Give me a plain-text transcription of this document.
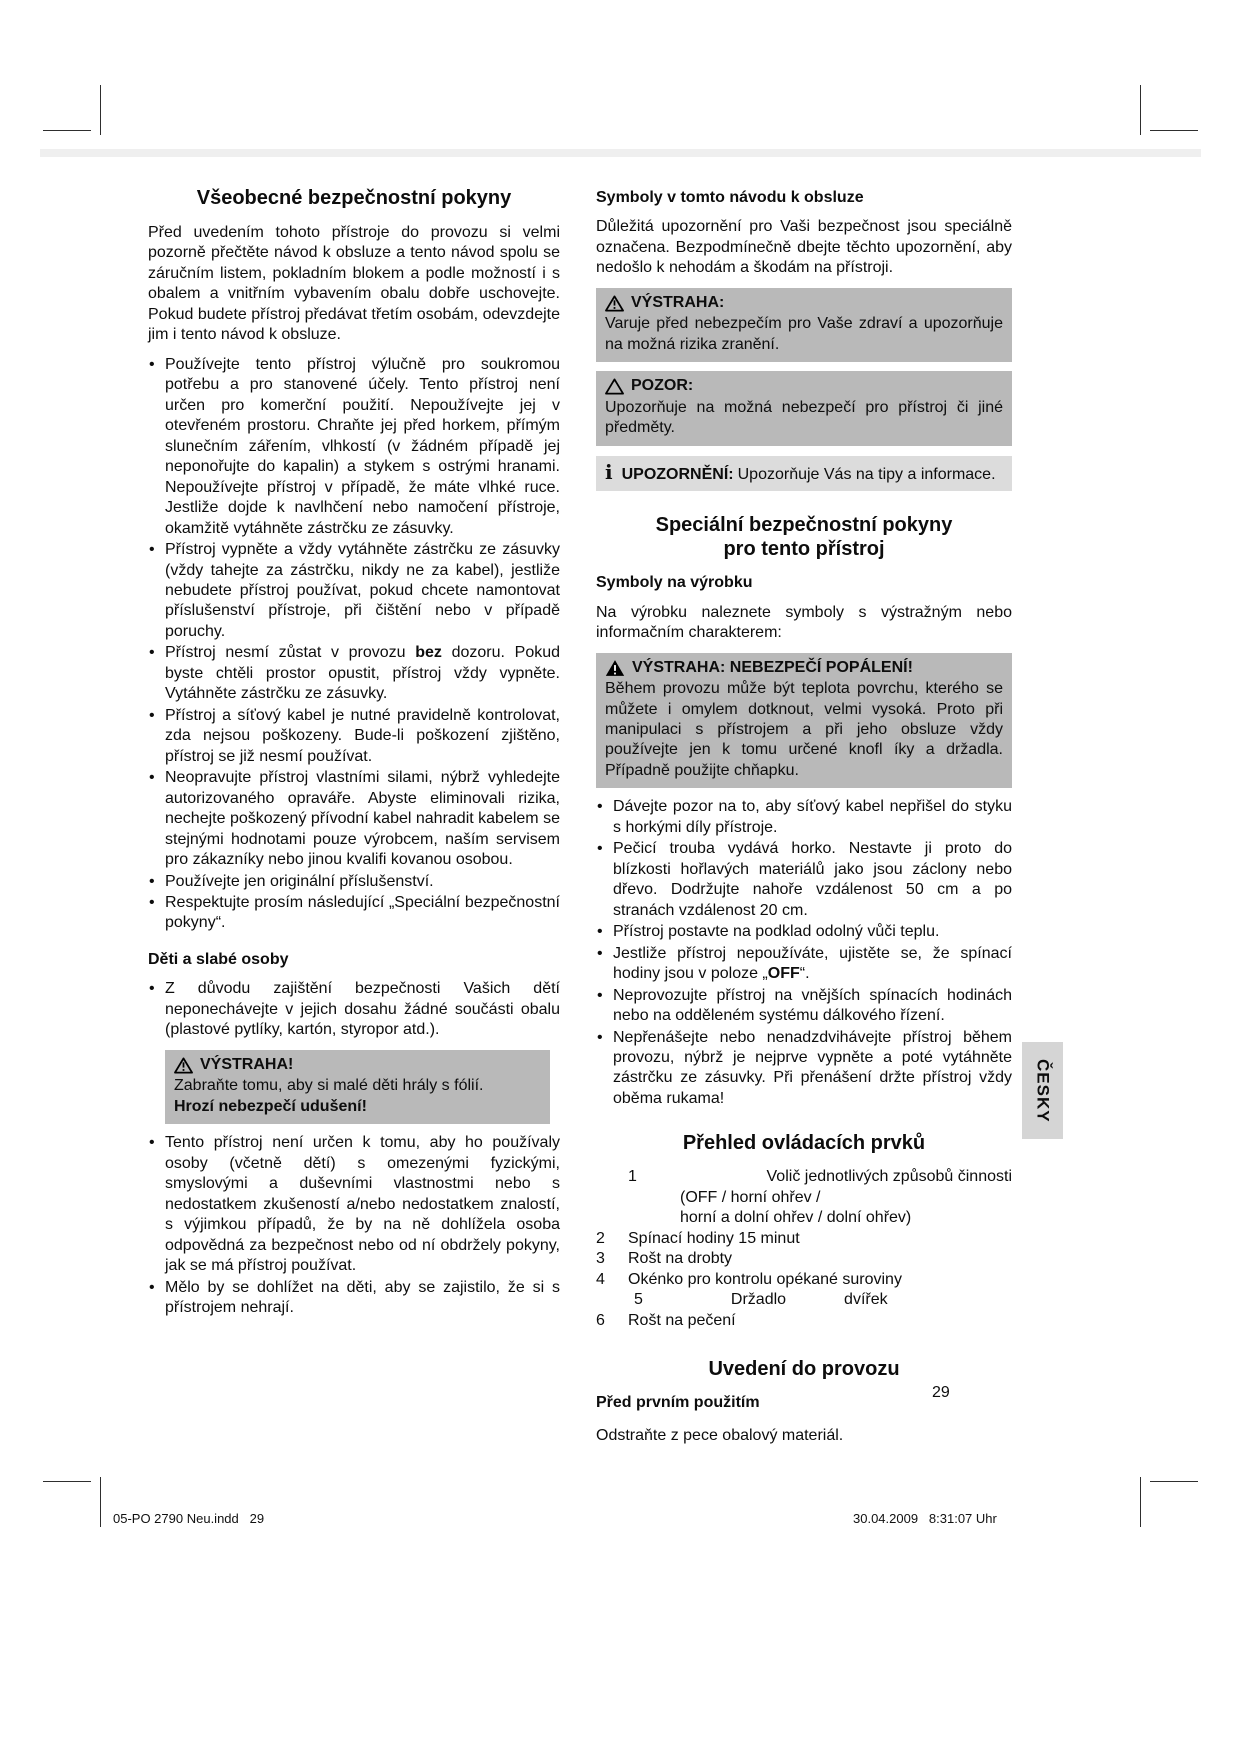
Všeobecné bezpečnostní pokyny

Před uvedením tohoto přístroje do provozu si velmi pozorně přečtěte návod k obsluze a tento návod spolu se záručním listem, pokladním blokem a podle možností i s obalem a vnitřním vybavením obalu dobře uschovejte. Pokud budete přístroj předávat třetím osobám, odevzdejte jim i tento návod k obsluze.

• Používejte tento přístroj výlučně pro soukromou potřebu a pro stanovené účely. Tento přístroj není určen pro komerční použití. Nepoužívejte jej v otevřeném prostoru. Chraňte jej před horkem, přímým slunečním zářením, vlhkostí (v žádném případě jej neponořujte do kapalin) a stykem s ostrými hranami. Nepoužívejte přístroj v případě, že máte vlhké ruce. Jestliže dojde k navlhčení nebo namočení přístroje, okamžitě vytáhněte zástrčku ze zásuvky.
• Přístroj vypněte a vždy vytáhněte zástrčku ze zásuvky (vždy tahejte za zástrčku, nikdy ne za kabel), jestliže nebudete přístroj používat, pokud chcete namontovat příslušenství přístroje, při čištění nebo v případě poruchy.
• Přístroj nesmí zůstat v provozu bez dozoru. Pokud byste chtěli prostor opustit, přístroj vždy vypněte. Vytáhněte zástrčku ze zásuvky.
• Přístroj a síťový kabel je nutné pravidelně kontrolovat, zda nejsou poškozeny. Bude-li poškození zjištěno, přístroj se již nesmí používat.
• Neopravujte přístroj vlastními silami, nýbrž vyhledejte autorizovaného opraváře. Abyste eliminovali rizika, nechejte poškozený přívodní kabel nahradit kabelem se stejnými hodnotami pouze výrobcem, naším servisem pro zákazníky nebo jinou kvalifi kovanou osobou.
• Používejte jen originální příslušenství.
• Respektujte prosím následující „Speciální bezpečnostní pokyny“.
Děti a slabé osoby
• Z důvodu zajištění bezpečnosti Vašich dětí neponechávejte v jejich dosahu žádné součásti obalu (plastové pytlíky, kartón, styropor atd.).
VÝSTRAHA!
Zabraňte tomu, aby si malé děti hrály s fólií.
Hrozí nebezpečí udušení!
• Tento přístroj není určen k tomu, aby ho používaly osoby (včetně dětí) s omezenými fyzickými, smyslovými a duševními vlastnostmi nebo s nedostatkem zkušeností a/nebo nedostatkem znalostí, s výjimkou případů, že by na ně dohlížela osoba odpovědná za bezpečnost nebo od ní obdržely pokyny, jak se má přístroj používat.
• Mělo by se dohlížet na děti, aby se zajistilo, že si s přístrojem nehrají.
Symboly v tomto návodu k obsluze

Důležitá upozornění pro Vaši bezpečnost jsou speciálně označena. Bezpodmínečně dbejte těchto upozornění, aby nedošlo k nehodám a škodám na přístroji.

VÝSTRAHA:
Varuje před nebezpečím pro Vaše zdraví a upozorňuje na možná rizika zranění.
POZOR:
Upozorňuje na možná nebezpečí pro přístroj či jiné předměty.
i UPOZORNĚNÍ: Upozorňuje Vás na tipy a informace.
Speciální bezpečnostní pokyny
pro tento přístroj
Symboly na výrobku

Na výrobku naleznete symboly s výstražným nebo informačním charakterem:

VÝSTRAHA: NEBEZPEČÍ POPÁLENÍ!
Během provozu může být teplota povrchu, kterého se můžete i omylem dotknout, velmi vysoká. Proto při manipulaci s přístrojem a při jeho obsluze vždy používejte jen k tomu určené knofl íky a držadla. Případně použijte chňapku.
• Dávejte pozor na to, aby síťový kabel nepřišel do styku s horkými díly přístroje.
• Pečicí trouba vydává horko. Nestavte ji proto do blízkosti hořlavých materiálů jako jsou záclony nebo dřevo. Dodržujte nahoře vzdálenost 50 cm a po stranách vzdálenost 20 cm.
• Přístroj postavte na podklad odolný vůči teplu.
• Jestliže přístroj nepoužíváte, ujistěte se, že spínací hodiny jsou v poloze „OFF“.
• Neprovozujte přístroj na vnějších spínacích hodinách nebo na odděleném systému dálkového řízení.
• Nepřenášejte nebo nenadzdvihávejte přístroj během provozu, nýbrž je nejprve vypněte a poté vytáhněte zástrčku ze zásuvky. Při přenášení držte přístroj vždy oběma rukama!
Přehled ovládacích prvků
1	Volič jednotlivých způsobů činnosti
(OFF / horní ohřev /
horní a dolní ohřev / dolní ohřev)
2	Spínací hodiny 15 minut
3	Rošt na drobty
4	Okénko pro kontrolu opékané suroviny
5	Držadlo	dvířek
6	Rošt na pečení
Uvedení do provozu
Před prvním použitím

Odstraňte z pece obalový materiál.

ČESKY
29
05-PO 2790 Neu.indd   29	30.04.2009   8:31:07 Uhr
